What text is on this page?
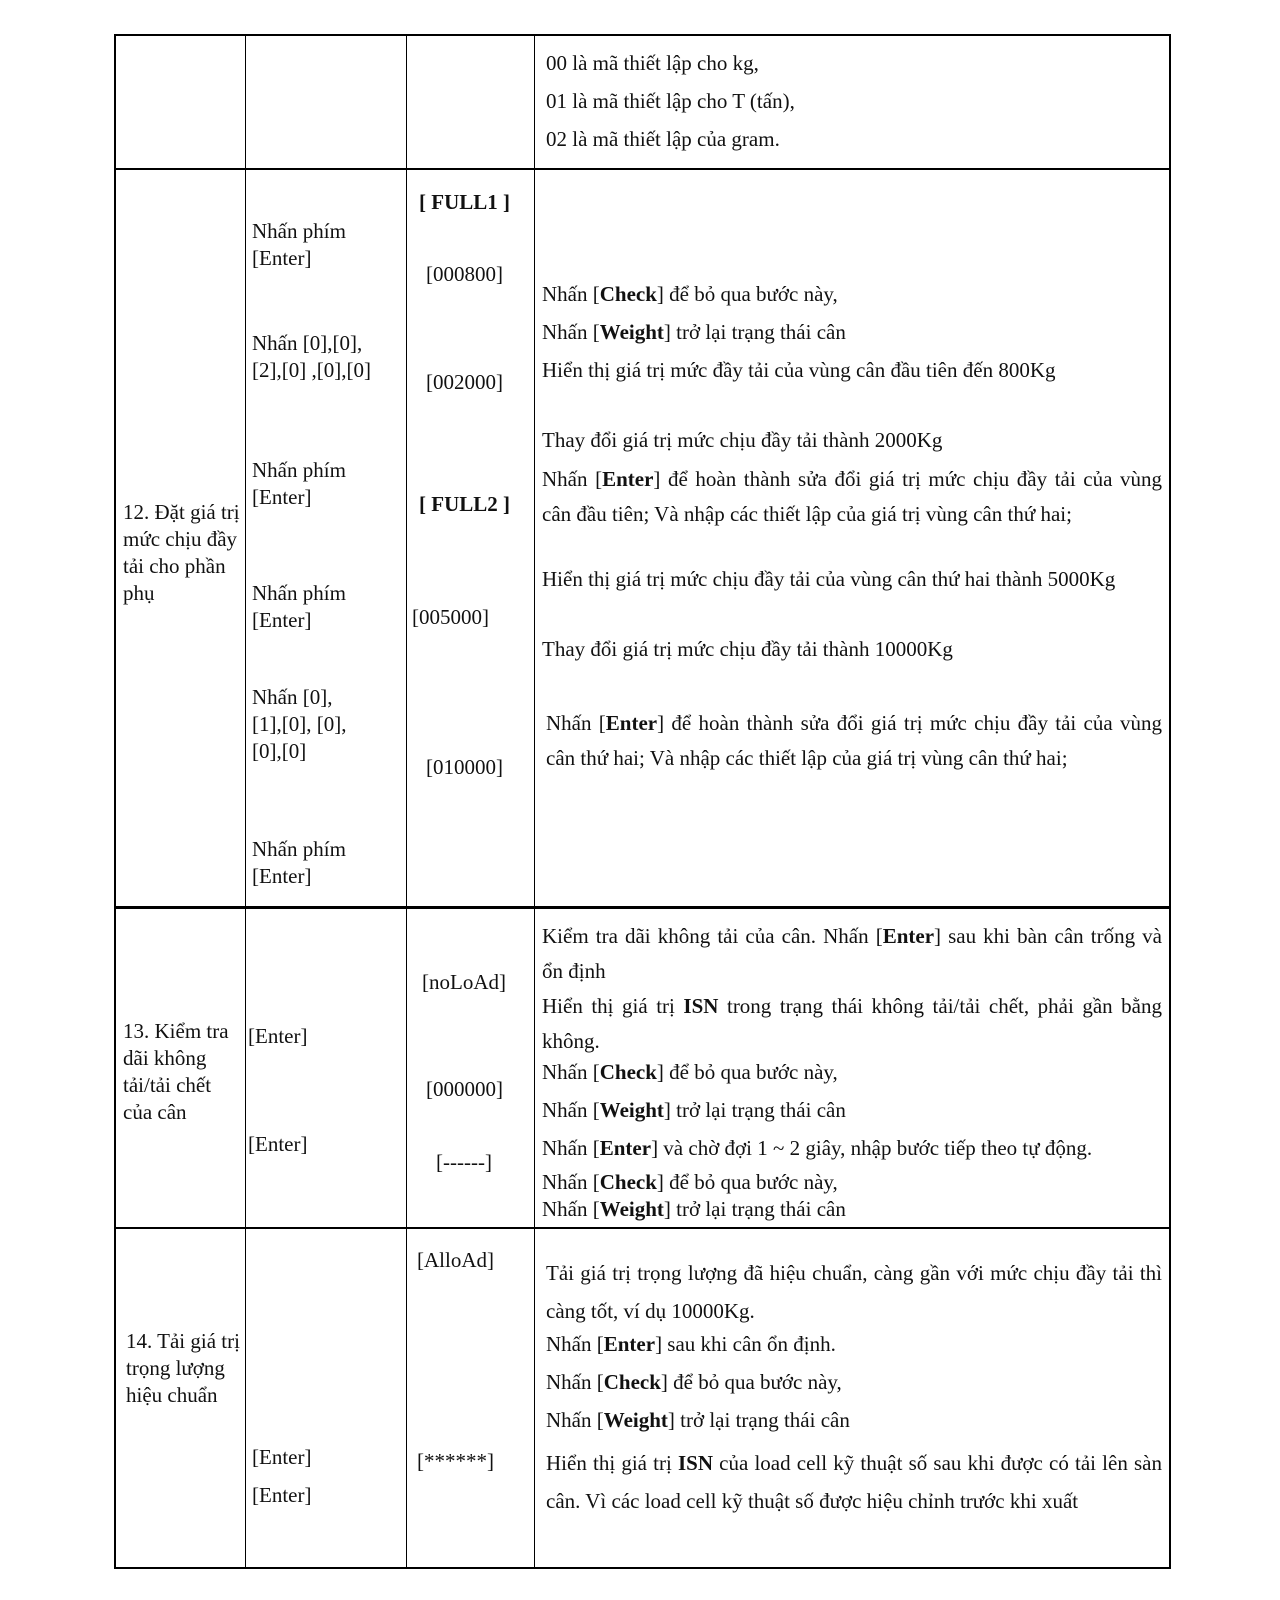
00 là mã thiết lập cho kg,
01 là mã thiết lập cho T (tấn),
02 là mã thiết lập của gram.
12. Đặt giá trị mức chịu đầy tải cho phần phụ
Nhấn phím [Enter]
Nhấn [0],[0],[2],[0] ,[0],[0]
Nhấn phím [Enter]
Nhấn phím [Enter]
Nhấn [0],[1],[0], [0],[0],[0]
Nhấn phím [Enter]
[ FULL1 ]
[000800]
[002000]
[ FULL2 ]
[005000]
[010000]
Nhấn [Check] để bỏ qua bước này,
Nhấn [Weight] trở lại trạng thái cân
Hiển thị giá trị mức đầy tải của vùng cân đầu tiên đến 800Kg
Thay đổi giá trị mức chịu đầy tải thành 2000Kg
Nhấn [Enter] để hoàn thành sửa đổi giá trị mức chịu đầy tải của vùng cân đầu tiên; Và nhập các thiết lập của giá trị vùng cân thứ hai;
Hiển thị giá trị mức chịu đầy tải của vùng cân thứ hai thành 5000Kg
Thay đổi giá trị mức chịu đầy tải thành 10000Kg
Nhấn [Enter] để hoàn thành sửa đổi giá trị mức chịu đầy tải của vùng cân thứ hai; Và nhập các thiết lập của giá trị vùng cân thứ hai;
13. Kiểm tra dãi không tải/tải chết của cân
[Enter]
[Enter]
[noLoAd]
[000000]
[------]
Kiểm tra dãi không tải của cân. Nhấn [Enter] sau khi bàn cân trống và ổn định
Hiển thị giá trị ISN trong trạng thái không tải/tải chết, phải gần bằng không.
Nhấn [Check] để bỏ qua bước này,
Nhấn [Weight] trở lại trạng thái cân
Nhấn [Enter] và chờ đợi 1 ~ 2 giây, nhập bước tiếp theo tự động.
Nhấn [Check] để bỏ qua bước này,
Nhấn [Weight] trở lại trạng thái cân
14. Tải giá trị trọng lượng hiệu chuẩn
[Enter]
[Enter]
[AlloAd]
[******]
Tải giá trị trọng lượng đã hiệu chuẩn, càng gần với mức chịu đầy tải thì càng tốt, ví dụ 10000Kg.
Nhấn [Enter] sau khi cân ổn định.
Nhấn [Check] để bỏ qua bước này,
Nhấn [Weight] trở lại trạng thái cân
Hiển thị giá trị ISN của load cell kỹ thuật số sau khi được có tải lên sàn cân. Vì các load cell kỹ thuật số được hiệu chỉnh trước khi xuất
